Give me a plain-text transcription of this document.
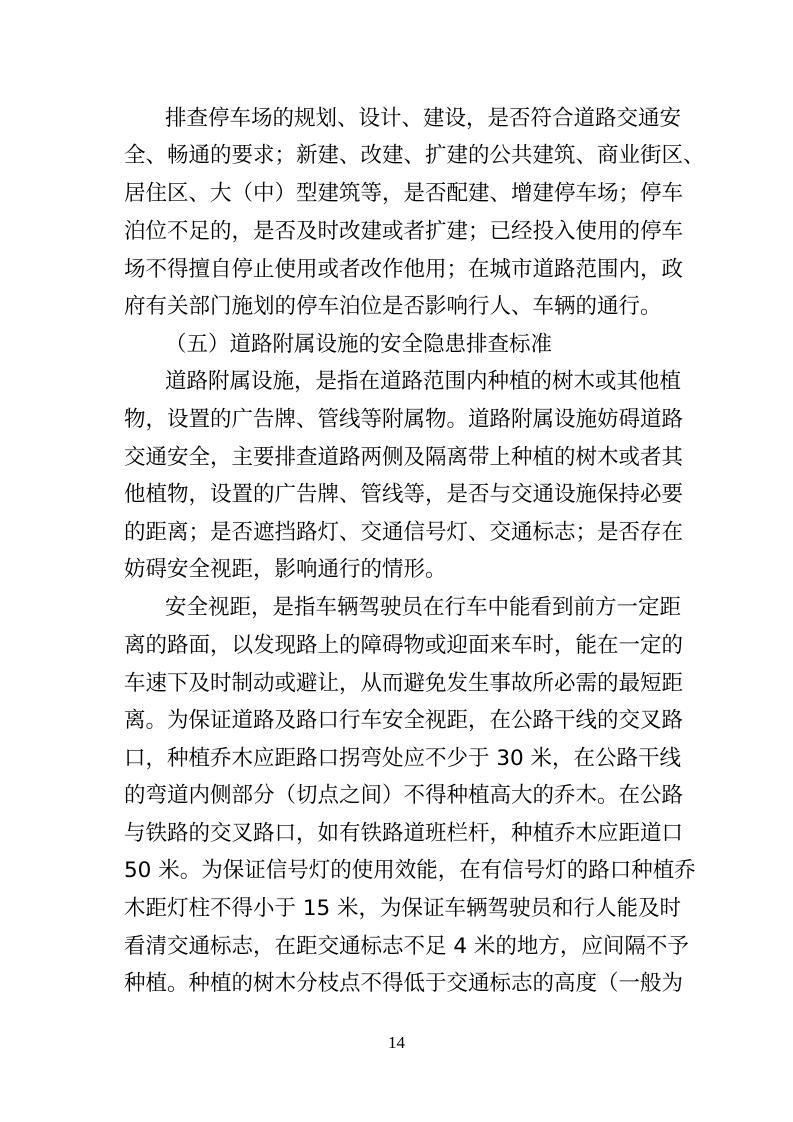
排查停车场的规划、设计、建设，是否符合道路交通安
全、畅通的要求；新建、改建、扩建的公共建筑、商业街区、
居住区、大（中）型建筑等，是否配建、增建停车场；停车
泊位不足的，是否及时改建或者扩建；已经投入使用的停车
场不得擅自停止使用或者改作他用；在城市道路范围内，政
府有关部门施划的停车泊位是否影响行人、车辆的通行。
（五）道路附属设施的安全隐患排查标准
道路附属设施，是指在道路范围内种植的树木或其他植
物，设置的广告牌、管线等附属物。道路附属设施妨碍道路
交通安全，主要排查道路两侧及隔离带上种植的树木或者其
他植物，设置的广告牌、管线等，是否与交通设施保持必要
的距离；是否遮挡路灯、交通信号灯、交通标志；是否存在
妨碍安全视距，影响通行的情形。
安全视距，是指车辆驾驶员在行车中能看到前方一定距
离的路面，以发现路上的障碍物或迎面来车时，能在一定的
车速下及时制动或避让，从而避免发生事故所必需的最短距
离。为保证道路及路口行车安全视距，在公路干线的交叉路
口，种植乔木应距路口拐弯处应不少于 30 米，在公路干线
的弯道内侧部分（切点之间）不得种植高大的乔木。在公路
与铁路的交叉路口，如有铁路道班栏杆，种植乔木应距道口
50 米。为保证信号灯的使用效能，在有信号灯的路口种植乔
木距灯柱不得小于 15 米，为保证车辆驾驶员和行人能及时
看清交通标志，在距交通标志不足 4 米的地方，应间隔不予
种植。种植的树木分枝点不得低于交通标志的高度（一般为
14
